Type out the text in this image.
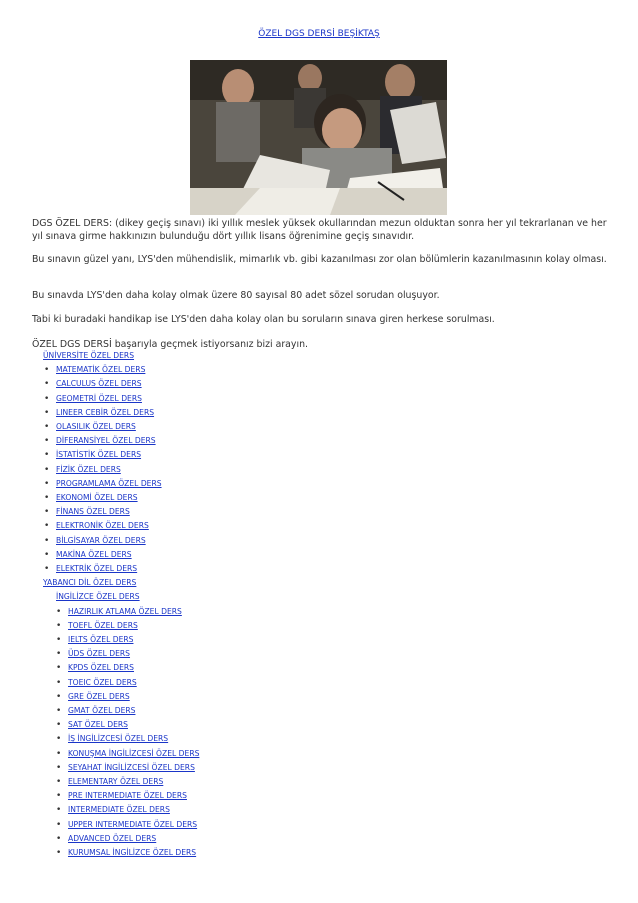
ÖZEL DGS DERSİ BEŞİKTAŞ

DGS ÖZEL DERS: (dikey geçiş sınavı) iki yıllık meslek yüksek okullarından mezun olduktan sonra her yıl tekrarlanan ve her yıl sınava girme hakkınızın bulunduğu dört yıllık lisans öğrenimine geçiş sınavıdır.

Bu sınavın güzel yanı, LYS'den mühendislik, mimarlık vb. gibi kazanılması zor olan bölümlerin kazanılmasının kolay olması.

Bu sınavda LYS'den daha kolay olmak üzere 80 sayısal 80 adet sözel sorudan oluşuyor.

Tabi ki buradaki handikap ise LYS'den daha kolay olan bu soruların sınava giren herkese sorulması.

ÖZEL DGS DERSİ başarıyla geçmek istiyorsanız bizi arayın.

ÜNİVERSİTE ÖZEL DERS
• MATEMATİK ÖZEL DERS
• CALCULUS ÖZEL DERS
• GEOMETRİ ÖZEL DERS
• LINEER CEBİR ÖZEL DERS
• OLASILIK ÖZEL DERS
• DİFERANSİYEL ÖZEL DERS
• İSTATİSTİK ÖZEL DERS
• FİZİK ÖZEL DERS
• PROGRAMLAMA ÖZEL DERS
• EKONOMİ ÖZEL DERS
• FİNANS ÖZEL DERS
• ELEKTRONİK ÖZEL DERS
• BİLGİSAYAR ÖZEL DERS
• MAKİNA ÖZEL DERS
• ELEKTRİK ÖZEL DERS
YABANCI DİL ÖZEL DERS
İNGİLİZCE ÖZEL DERS
• HAZIRLIK ATLAMA ÖZEL DERS
• TOEFL ÖZEL DERS
• IELTS ÖZEL DERS
• ÜDS ÖZEL DERS
• KPDS ÖZEL DERS
• TOEIC ÖZEL DERS
• GRE ÖZEL DERS
• GMAT ÖZEL DERS
• SAT ÖZEL DERS
• İŞ İNGİLİZCESİ ÖZEL DERS
• KONUŞMA İNGİLİZCESİ ÖZEL DERS
• SEYAHAT İNGİLİZCESİ ÖZEL DERS
• ELEMENTARY ÖZEL DERS
• PRE INTERMEDIATE ÖZEL DERS
• INTERMEDIATE ÖZEL DERS
• UPPER INTERMEDIATE ÖZEL DERS
• ADVANCED ÖZEL DERS
• KURUMSAL İNGİLİZCE ÖZEL DERS
